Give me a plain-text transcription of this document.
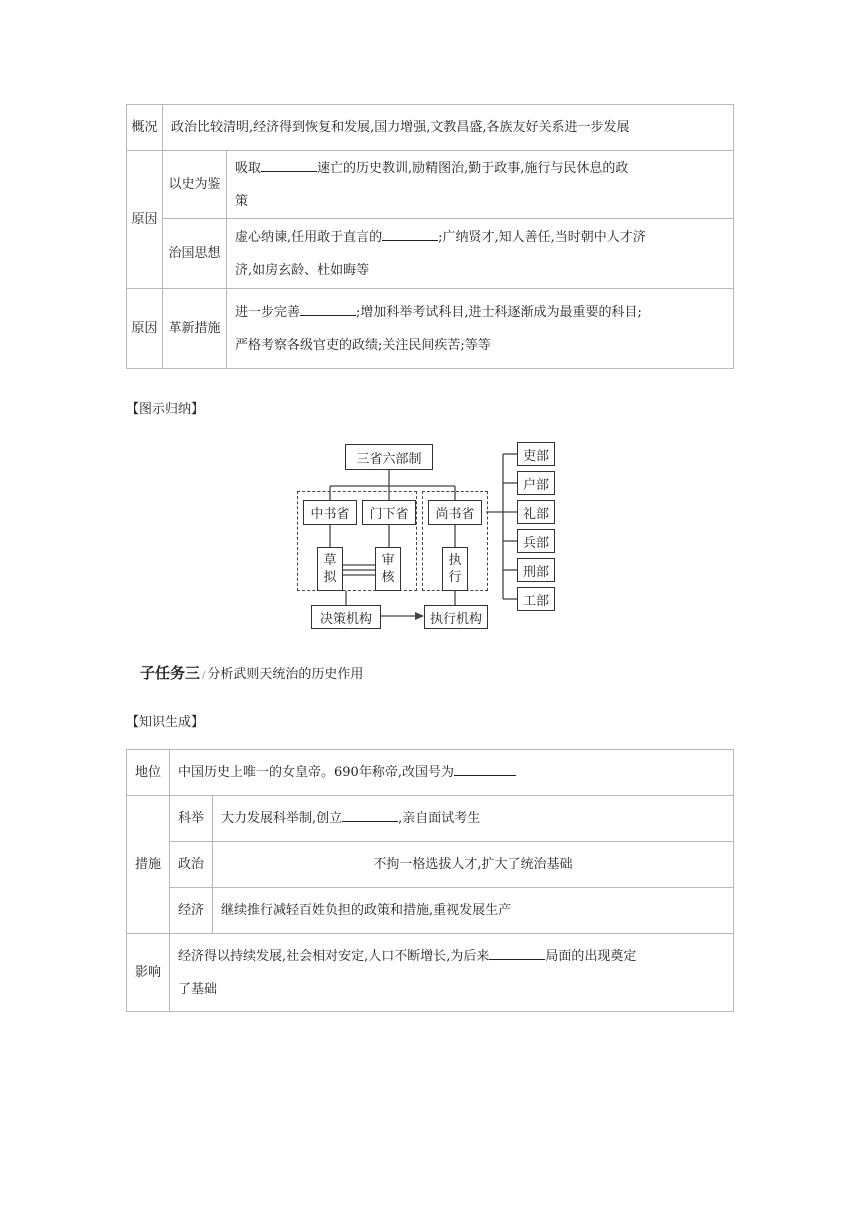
概况	政治比较清明,经济得到恢复和发展,国力增强,文教昌盛,各族友好关系进一步发展	
原因	以史为鉴	吸取 速亡的历史教训,励精图治,勤于政事,施行与民休息的政
策
	治国思想	虚心纳谏,任用敢于直言的 ;广纳贤才,知人善任,当时朝中人才济
济,如房玄龄、杜如晦等
原因	革新措施	进一步完善 ;增加科举考试科目,进士科逐渐成为最重要的科目;
严格考察各级官吏的政绩;关注民间疾苦;等等
【图示归纳】
三省六部制
中书省	门下省	尚书省
草
拟
审
核
执
行
决策机构	执行机构
吏部
户部
礼部
兵部
刑部
工部
子任务三 / 分析武则天统治的历史作用
【知识生成】
地位	中国历史上唯一的女皇帝。690年称帝,改国号为	
措施	科举	大力发展科举制,创立 ,亲自面试考生
	政治	不拘一格选拔人才,扩大了统治基础
	经济	继续推行减轻百姓负担的政策和措施,重视发展生产
影响	经济得以持续发展,社会相对安定,人口不断增长,为后来 局面的出现奠定
了基础	
